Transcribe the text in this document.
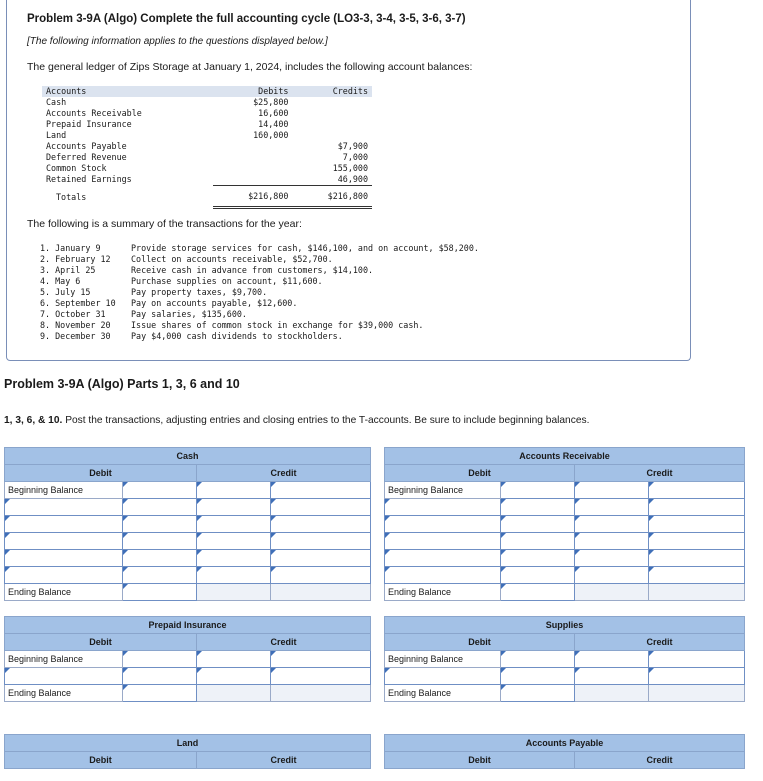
Problem 3-9A (Algo) Complete the full accounting cycle (LO3-3, 3-4, 3-5, 3-6, 3-7)
[The following information applies to the questions displayed below.]
The general ledger of Zips Storage at January 1, 2024, includes the following account balances:
Accounts	Debits	Credits
Cash	$25,800	
Accounts Receivable	16,600	
Prepaid Insurance	14,400	
Land	160,000	
Accounts Payable		$7,900
Deferred Revenue		7,000
Common Stock		155,000
Retained Earnings		46,900
Totals	$216,800	$216,800
The following is a summary of the transactions for the year:
1. January 9	Provide storage services for cash, $146,100, and on account, $58,200.
2. February 12 Collect on accounts receivable, $52,700.
3. April 25	Receive cash in advance from customers, $14,100.
4. May 6	Purchase supplies on account, $11,600.
5. July 15	Pay property taxes, $9,700.
6. September 10 Pay on accounts payable, $12,600.
7. October 31	Pay salaries, $135,600.
8. November 20 Issue shares of common stock in exchange for $39,000 cash.
9. December 30 Pay $4,000 cash dividends to stockholders.
Problem 3-9A (Algo) Parts 1, 3, 6 and 10
1, 3, 6, & 10. Post the transactions, adjusting entries and closing entries to the T-accounts. Be sure to include beginning balances.
Cash			
Debit		Credit	
Beginning Balance			

Ending Balance			
Accounts Receivable			
Debit		Credit	
Beginning Balance			

Ending Balance			
Prepaid Insurance			
Debit		Credit	
Beginning Balance			

Ending Balance			
Supplies			
Debit		Credit	
Beginning Balance			

Ending Balance			
Land
Debit	Credit
Accounts Payable
Debit	Credit
